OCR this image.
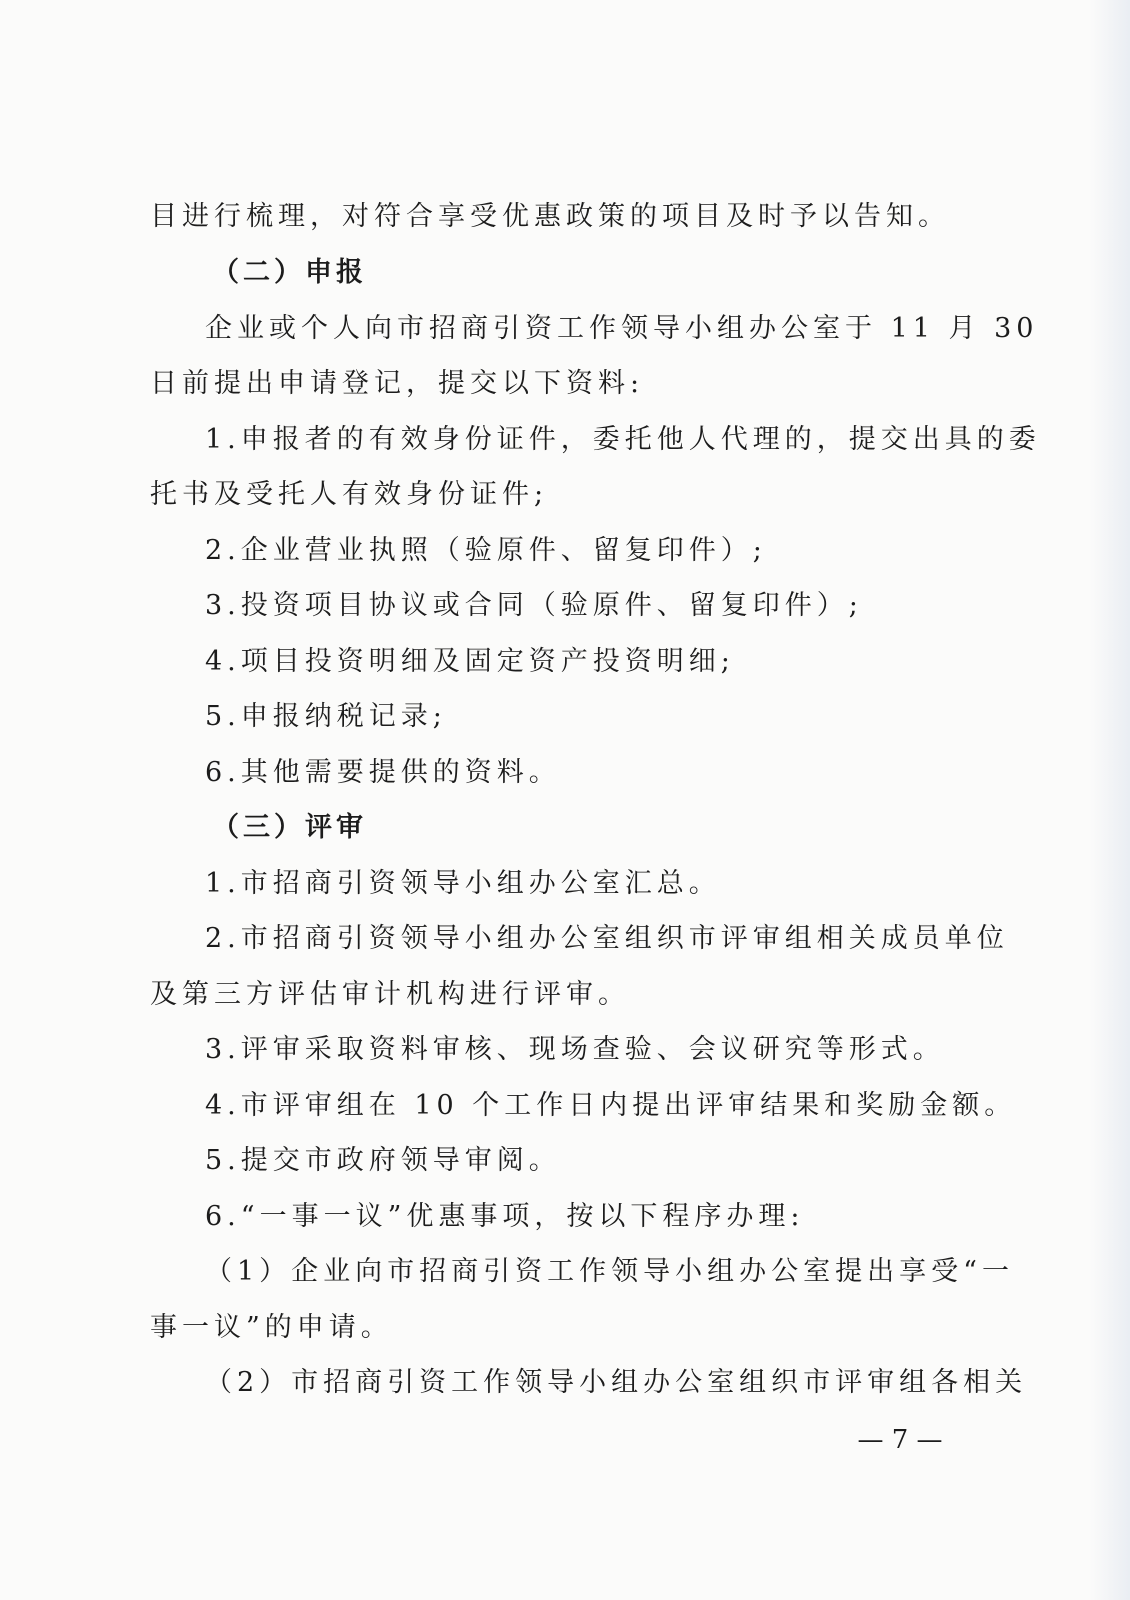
目进行梳理，对符合享受优惠政策的项目及时予以告知。
（二）申报
企业或个人向市招商引资工作领导小组办公室于 11 月 30
日前提出申请登记，提交以下资料:
1.申报者的有效身份证件，委托他人代理的，提交出具的委
托书及受托人有效身份证件;
2.企业营业执照（验原件、留复印件）;
3.投资项目协议或合同（验原件、留复印件）;
4.项目投资明细及固定资产投资明细;
5.申报纳税记录;
6.其他需要提供的资料。
（三）评审
1.市招商引资领导小组办公室汇总。
2.市招商引资领导小组办公室组织市评审组相关成员单位
及第三方评估审计机构进行评审。
3.评审采取资料审核、现场查验、会议研究等形式。
4.市评审组在 10 个工作日内提出评审结果和奖励金额。
5.提交市政府领导审阅。
6.“一事一议”优惠事项，按以下程序办理:
（1）企业向市招商引资工作领导小组办公室提出享受“一
事一议”的申请。
（2）市招商引资工作领导小组办公室组织市评审组各相关
— 7 —
